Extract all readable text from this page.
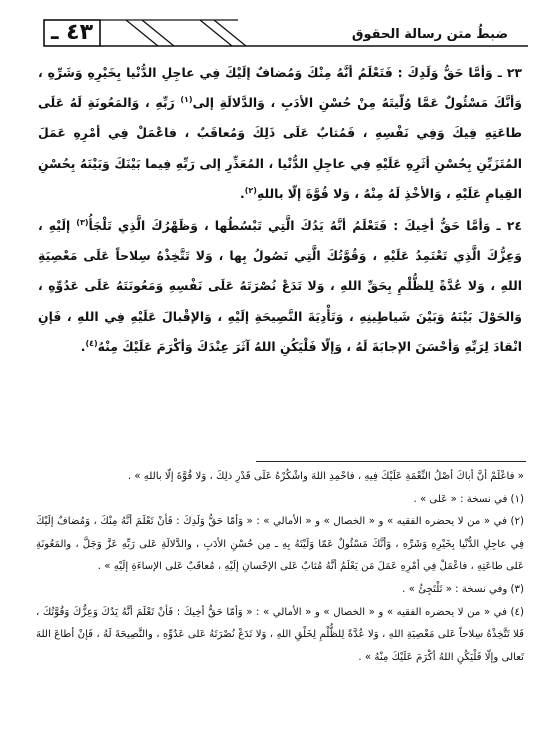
٤٣ ـ	ضبطُ متن رسالة الحقوق

٢٣ ـ وَأمَّا حَقُّ وَلَدِكَ : فَتَعْلَمُ أنَّهُ مِنْكَ وَمُضافٌ إلَيْكَ فِي عاجِلِ الدُّنْيا بِخَيْرِهِ وَشَرِّهِ ، وَأنَّكَ مَسْئُولٌ عَمَّا وُلّيتَهُ مِنْ حُسْنِ الأدَبِ ، وَالدَّلالَةِ إلى$^{(١)}$ رَبِّهِ ، وَالمَعُونَةِ لَهُ عَلَى طاعَتِهِ فِيكَ وَفِي نَفْسِهِ ، فَمُثابٌ عَلَى ذَلِكَ وَمُعاقَبٌ ، فاعْمَلْ فِي أمْرِهِ عَمَلَ المُتَزَيِّنِ بِحُسْنِ أثَرِهِ عَلَيْهِ فِي عاجِلِ الدُّنْيا ، المُعَذِّرِ إلى رَبِّهِ فِيما بَيْنَكَ وَبَيْنَهُ بِحُسْنِ القِيامِ عَلَيْهِ ، وَالأخْذِ لَهُ مِنْهُ ، وَلا قُوَّةَ إلّا باللهِ$^{(٢)}$.

٢٤ ـ وَأمَّا حَقُّ أخِيكَ : فَتَعْلَمُ أنَّهُ يَدُكَ الَّتِي تَبْسُطُها ، وَظَهْرُكَ الَّذِي تَلْجَأُ$^{(٣)}$ إلَيْهِ ، وَعِزُّكَ الَّذِي تَعْتَمِدُ عَلَيْهِ ، وَقُوَّتُكَ الَّتِي تَصُولُ بِها ، وَلا تَتَّخِذْهُ سِلاحاً عَلَى مَعْصِيَةِ اللهِ ، وَلا عُدَّةً لِلظُّلْمِ بِحَقِّ اللهِ ، وَلا تَدَعْ نُصْرَتَهُ عَلَى نَفْسِهِ وَمَعُونَتَهُ عَلَى عَدُوِّهِ ، وَالحَوْلَ بَيْنَهُ وَبَيْنَ شَياطِينِهِ ، وَتَأْدِيَةَ النَّصِيحَةِ إلَيْهِ ، وَالإقْبالَ عَلَيْهِ فِي اللهِ ، فَإنِ انْقادَ لِرَبِّهِ وَأحْسَنَ الإجابَةَ لَهُ ، وَإلّا فَلْيَكُنِ اللهُ آثَرَ عِنْدَكَ وَأكْرَمَ عَلَيْكَ مِنْهُ$^{(٤)}$.

« فاعْلَمْ أنَّ أباكَ أصْلُ النِّعْمَةِ عَلَيْكَ فِيهِ ، فاحْمِدِ اللهَ واشْكُرْهُ عَلَى قَدْرِ ذلِكَ ، وَلا قُوَّةَ إلّا باللهِ » .

(١) في نسخة : « عَلى » .

(٢) في « من لا يحضره الفقيه » و « الخصال » و « الأمالي » : « وَأمّا حَقُّ وَلَدِكَ : فَأنْ تَعْلَمَ أنَّهُ مِنْكَ ، وَمُضافٌ إلَيْكَ فِي عاجِلِ الدُّنْيا بِخَيْرِهِ وَشَرِّهِ ، وَأنَّكَ مَسْئُولٌ عَمّا وَلَيْتَهُ بِهِ ـ مِن حُسْنِ الأدَبِ ، والدَّلالَةِ عَلى رَبِّهِ عَزَّ وَجَلَّ ، والمَعُونَةِ عَلى طاعَتِهِ ، فاعْمَلْ فِي أمْرِهِ عَمَلَ مَن يَعْلَمُ أنَّهُ مُثابٌ عَلى الإحْسانِ إلَيْهِ ، مُعاقَبٌ عَلى الإساءَةِ إلَيْهِ » .

(٣) وفي نسخة : « تَلْتَجِئُ » .

(٤) في « من لا يحضره الفقيه » و « الخصال » و « الأمالي » : « وَأمّا حَقُّ أخِيكَ : فَأنْ تَعْلَمَ أنَّهُ يَدُكَ وَعِزُّكَ وَقُوَّتُكَ ، فَلا تَتَّخِذْهُ سِلاحاً عَلى مَعْصِيَةِ اللهِ ، وَلا عُدَّةً لِلظُّلْمِ لِخَلْقِ اللهِ ، وَلا تَدَعْ نُصْرَتَهُ عَلى عَدُوِّهِ ، والنَّصِيحَةَ لَهُ ، فَإنْ أطاعَ اللهَ تَعالى وإلّا فَلْيَكُنِ اللهُ أكْرَمَ عَلَيْكَ مِنْهُ » .
